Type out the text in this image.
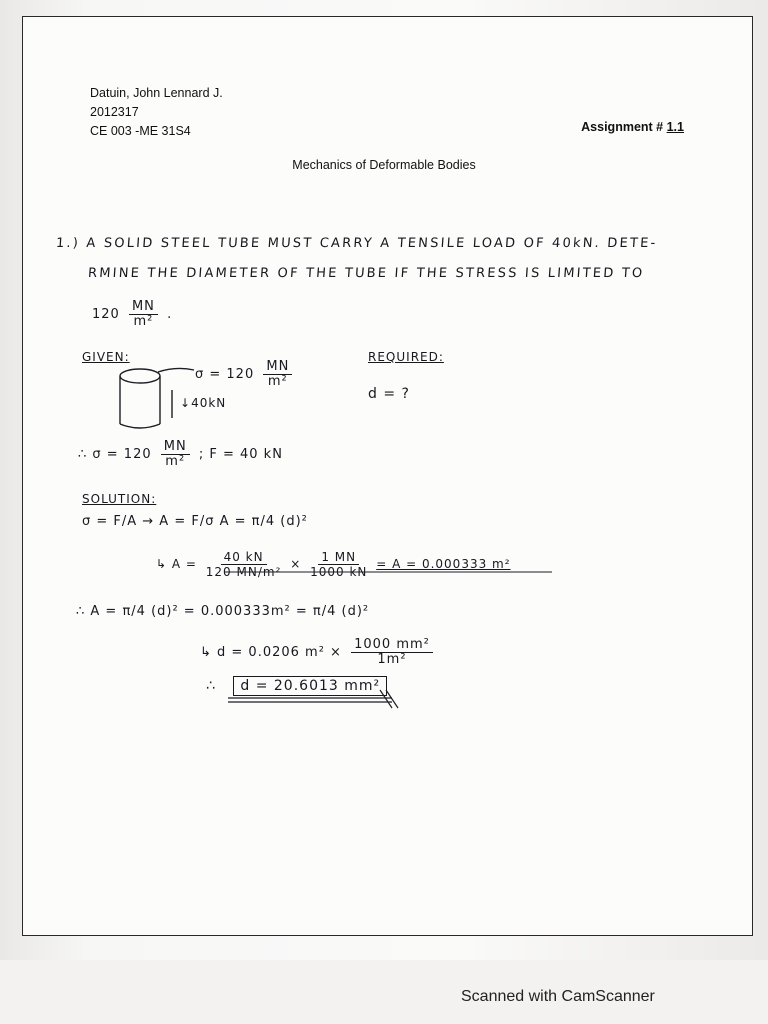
Datuin, John Lennard J.
2012317
CE 003 -ME 31S4	Assignment # 1.1
Mechanics of Deformable Bodies
1.) A SOLID STEEL TUBE MUST CARRY A TENSILE LOAD OF 40kN. DETE-
RMINE THE DIAMETER OF THE TUBE IF THE STRESS IS LIMITED TO
$120 \frac{MN}{\text{m²}}$ .
GIVEN:
$\sigma = 120 \frac{MN}{\text{m²}}$
↓40kN
REQUIRED:
d = ?
∴ $\sigma = 120 \frac{MN}{\text{m²}}$ ; F = 40 kN
SOLUTION:
σ = F/A → A = F/σ A = π/4 (d)²
↳ $A = \frac{40 kN}{\text{120 MN/m²}} \times \frac{1 MN}{1000 kN} = A = 0.000333$ m²
∴ A = π/4 (d)² = 0.000333m² = π/4 (d)²
↳ d = 0.0206 $m^2 \times \frac{\text{1000 mm²}}{\text{1m²}}$
∴ d = 20.6013 mm²
Scanned with CamScanner
